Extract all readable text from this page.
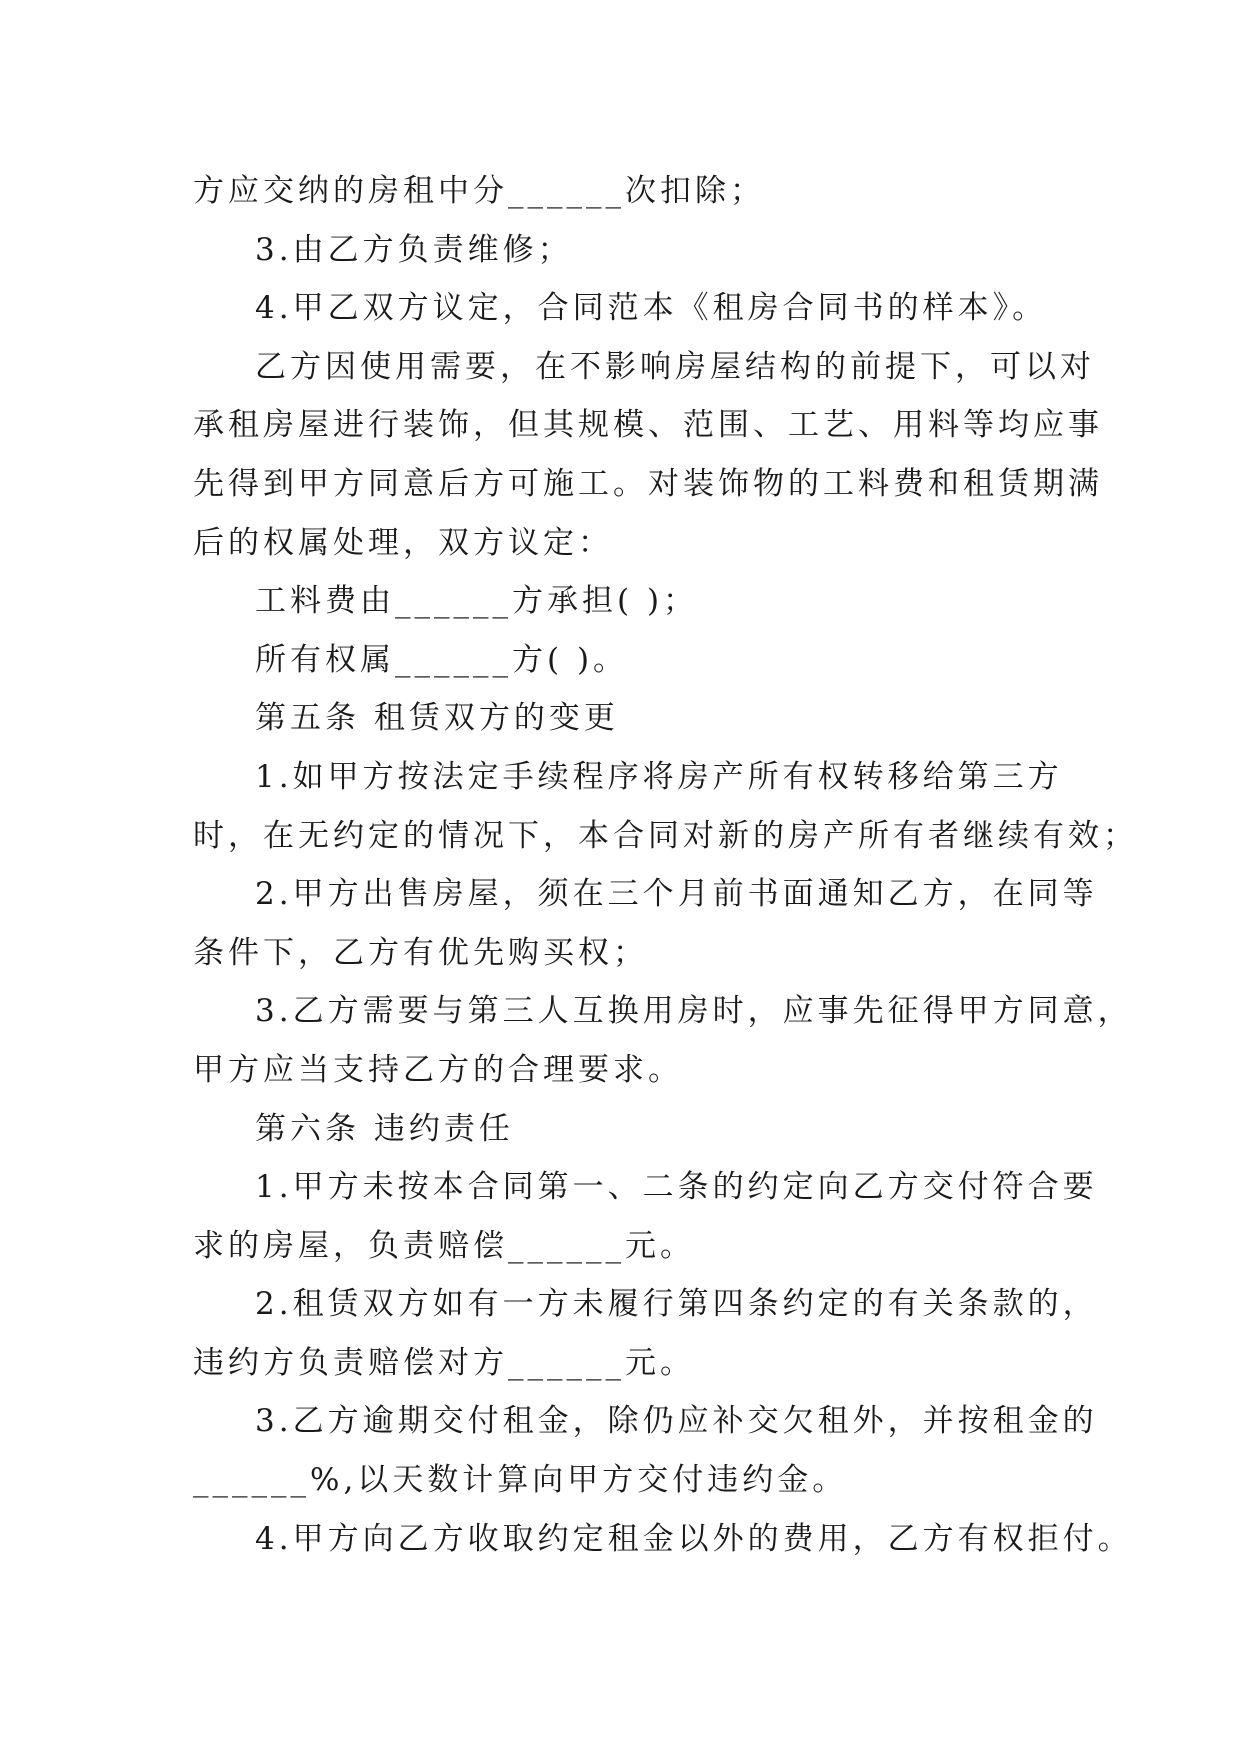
方应交纳的房租中分______次扣除；
3.由乙方负责维修；
4.甲乙双方议定，合同范本《租房合同书的样本》。
乙方因使用需要，在不影响房屋结构的前提下，可以对
承租房屋进行装饰，但其规模、范围、工艺、用料等均应事
先得到甲方同意后方可施工。对装饰物的工料费和租赁期满
后的权属处理，双方议定：
工料费由______方承担( )；
所有权属______方( )。
第五条 租赁双方的变更
1.如甲方按法定手续程序将房产所有权转移给第三方
时，在无约定的情况下，本合同对新的房产所有者继续有效；
2.甲方出售房屋，须在三个月前书面通知乙方，在同等
条件下，乙方有优先购买权；
3.乙方需要与第三人互换用房时，应事先征得甲方同意，
甲方应当支持乙方的合理要求。
第六条 违约责任
1.甲方未按本合同第一、二条的约定向乙方交付符合要
求的房屋，负责赔偿______元。
2.租赁双方如有一方未履行第四条约定的有关条款的，
违约方负责赔偿对方______元。
3.乙方逾期交付租金，除仍应补交欠租外，并按租金的
______%,以天数计算向甲方交付违约金。
4.甲方向乙方收取约定租金以外的费用，乙方有权拒付。
